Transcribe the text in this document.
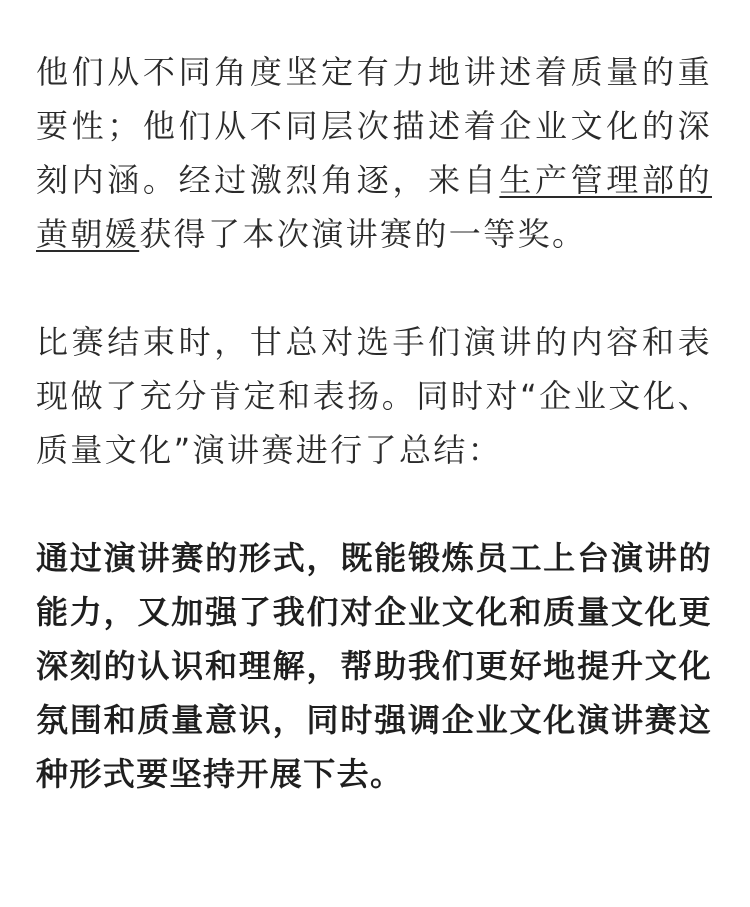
他们从不同角度坚定有力地讲述着质量的重要性；他们从不同层次描述着企业文化的深刻内涵。经过激烈角逐，来自生产管理部的黄朝媛获得了本次演讲赛的一等奖。

比赛结束时，甘总对选手们演讲的内容和表现做了充分肯定和表扬。同时对“企业文化、质量文化”演讲赛进行了总结：

通过演讲赛的形式，既能锻炼员工上台演讲的能力，又加强了我们对企业文化和质量文化更深刻的认识和理解，帮助我们更好地提升文化氛围和质量意识，同时强调企业文化演讲赛这种形式要坚持开展下去。
